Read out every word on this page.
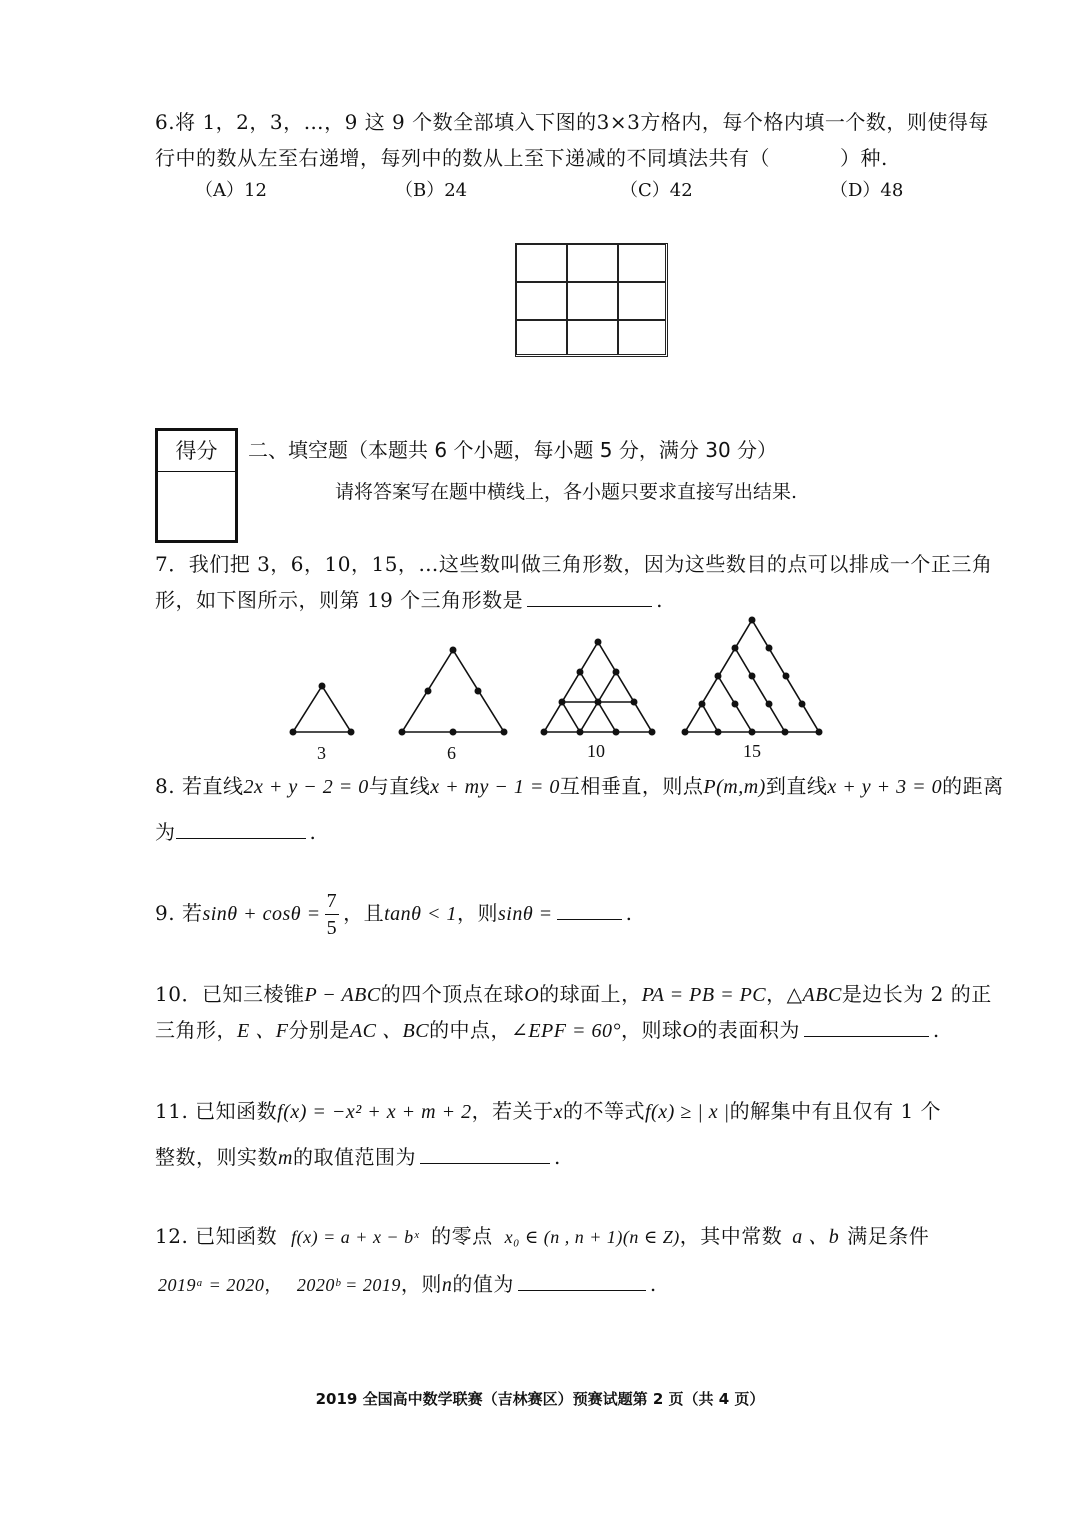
6.将 1，2，3，…，9 这 9 个数全部填入下图的3×3方格内，每个格内填一个数，则使得每
行中的数从左至右递增，每列中的数从上至下递减的不同填法共有（	）种.
（A）12	（B）24	（C）42	（D）48
得分	二、填空题（本题共 6 个小题，每小题 5 分，满分 30 分）
请将答案写在题中横线上，各小题只要求直接写出结果.
7．我们把 3，6，10，15，…这些数叫做三角形数，因为这些数目的点可以排成一个正三角
形，如下图所示，则第 19 个三角形数是	.
3	6	10	15
8. 若直线2x + y − 2 = 0与直线x + my − 1 = 0互相垂直，则点P(m,m)到直线x + y + 3 = 0的距离
为	.
9. 若$\sin\theta + \cos\theta = \frac{7}{5}$ ，且tanθ < 1，则sinθ =	.
10．已知三棱锥P − ABC的四个顶点在球O的球面上，PA = PB = PC，△ABC是边长为 2 的正
三角形，E 、F分别是AC 、BC的中点，∠EPF = 60°，则球O的表面积为	.
11. 已知函数f(x) = −x² + x + m + 2，若关于x的不等式f(x) ≥ | x |的解集中有且仅有 1 个
整数，则实数m的取值范围为	.
12. 已知函数 f(x) = a + x − bˣ 的零点 x₀ ∈ (n , n + 1)(n ∈ Z)，其中常数 a 、b 满足条件
2019ᵃ = 2020， 2020ᵇ = 2019，则n的值为	.
2019 全国高中数学联赛（吉林赛区）预赛试题第 2 页（共 4 页）
